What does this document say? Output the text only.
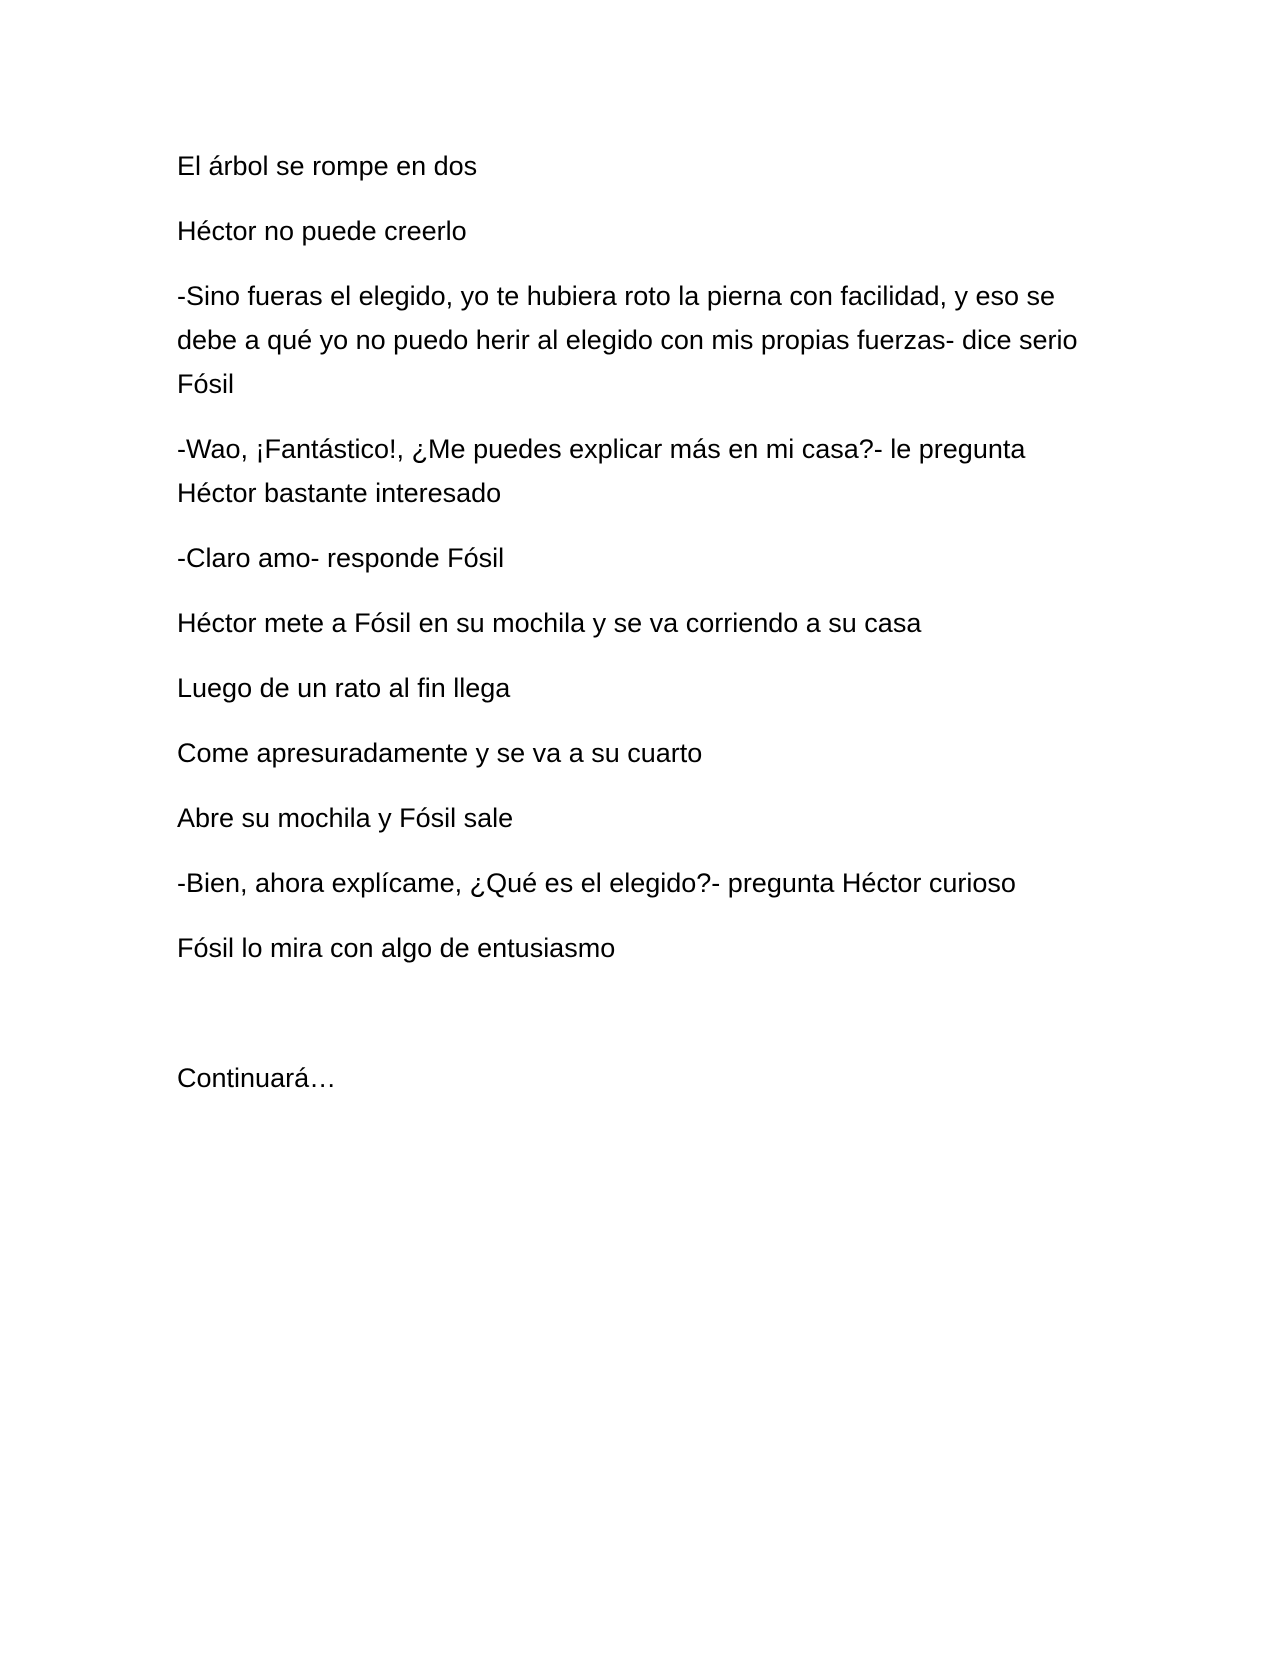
El árbol se rompe en dos

Héctor no puede creerlo

-Sino fueras el elegido, yo te hubiera roto la pierna con facilidad, y eso se debe a qué yo no puedo herir al elegido con mis propias fuerzas- dice serio Fósil

-Wao, ¡Fantástico!, ¿Me puedes explicar más en mi casa?- le pregunta Héctor bastante interesado

-Claro amo- responde Fósil

Héctor mete a Fósil en su mochila y se va corriendo a su casa

Luego de un rato al fin llega

Come apresuradamente y se va a su cuarto

Abre su mochila y Fósil sale

-Bien, ahora explícame, ¿Qué es el elegido?- pregunta Héctor curioso

Fósil lo mira con algo de entusiasmo

Continuará…
